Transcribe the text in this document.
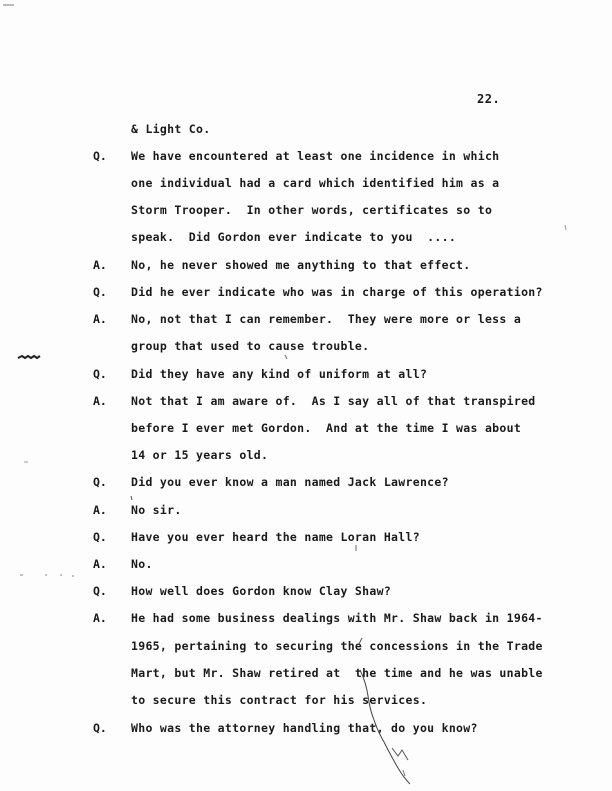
22.
& Light Co.
Q. We have encountered at least one incidence in which
one individual had a card which identified him as a
Storm Trooper.  In other words, certificates so to
speak.  Did Gordon ever indicate to you  ....
A. No, he never showed me anything to that effect.
Q. Did he ever indicate who was in charge of this operation?
A. No, not that I can remember.  They were more or less a
group that used to cause trouble.
Q. Did they have any kind of uniform at all?
A. Not that I am aware of.  As I say all of that transpired
before I ever met Gordon.  And at the time I was about
14 or 15 years old.
Q. Did you ever know a man named Jack Lawrence?
A. No sir.
Q. Have you ever heard the name Loran Hall?
A. No.
Q. How well does Gordon know Clay Shaw?
A. He had some business dealings with Mr. Shaw back in 1964-
1965, pertaining to securing the concessions in the Trade
Mart, but Mr. Shaw retired at  the time and he was unable
to secure this contract for his services.
Q. Who was the attorney handling that, do you know?
